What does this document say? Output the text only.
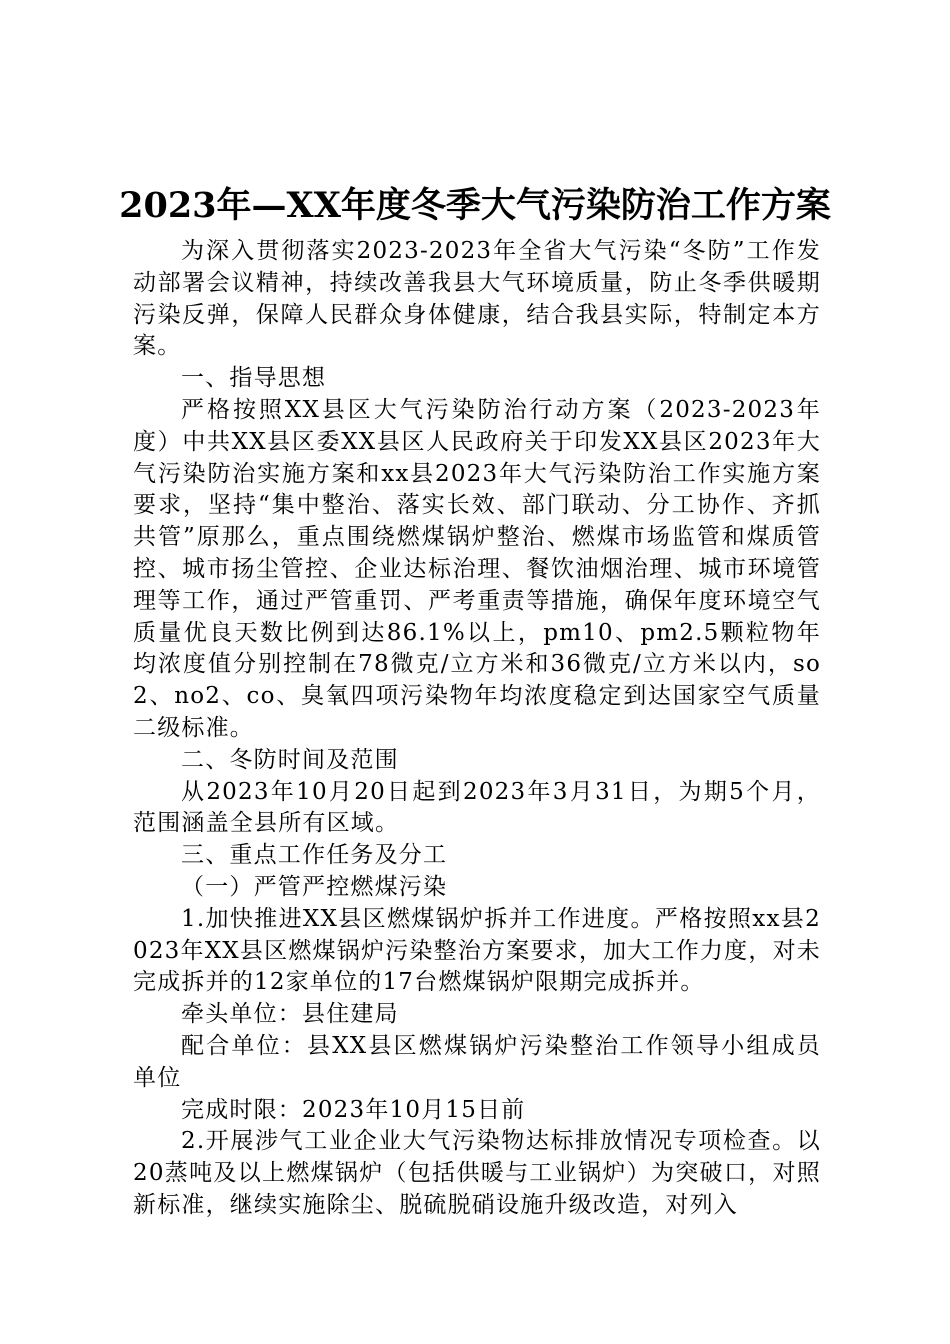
2023年—XX年度冬季大气污染防治工作方案

为深入贯彻落实2023-2023年全省大气污染“冬防”工作发动部署会议精神，持续改善我县大气环境质量，防止冬季供暖期污染反弹，保障人民群众身体健康，结合我县实际，特制定本方案。

一、指导思想

严格按照XX县区大气污染防治行动方案（2023-2023年度）中共XX县区委XX县区人民政府关于印发XX县区2023年大气污染防治实施方案和xx县2023年大气污染防治工作实施方案要求，坚持“集中整治、落实长效、部门联动、分工协作、齐抓共管”原那么，重点围绕燃煤锅炉整治、燃煤市场监管和煤质管控、城市扬尘管控、企业达标治理、餐饮油烟治理、城市环境管理等工作，通过严管重罚、严考重责等措施，确保年度环境空气质量优良天数比例到达86.1%以上，pm10、pm2.5颗粒物年均浓度值分别控制在78微克/立方米和36微克/立方米以内，so2、no2、co、臭氧四项污染物年均浓度稳定到达国家空气质量二级标准。

二、冬防时间及范围

从2023年10月20日起到2023年3月31日，为期5个月，范围涵盖全县所有区域。

三、重点工作任务及分工

（一）严管严控燃煤污染

1.加快推进XX县区燃煤锅炉拆并工作进度。严格按照xx县2023年XX县区燃煤锅炉污染整治方案要求，加大工作力度，对未完成拆并的12家单位的17台燃煤锅炉限期完成拆并。

牵头单位：县住建局

配合单位：县XX县区燃煤锅炉污染整治工作领导小组成员单位

完成时限：2023年10月15日前

2.开展涉气工业企业大气污染物达标排放情况专项检查。以20蒸吨及以上燃煤锅炉（包括供暖与工业锅炉）为突破口，对照新标准，继续实施除尘、脱硫脱硝设施升级改造，对列入
